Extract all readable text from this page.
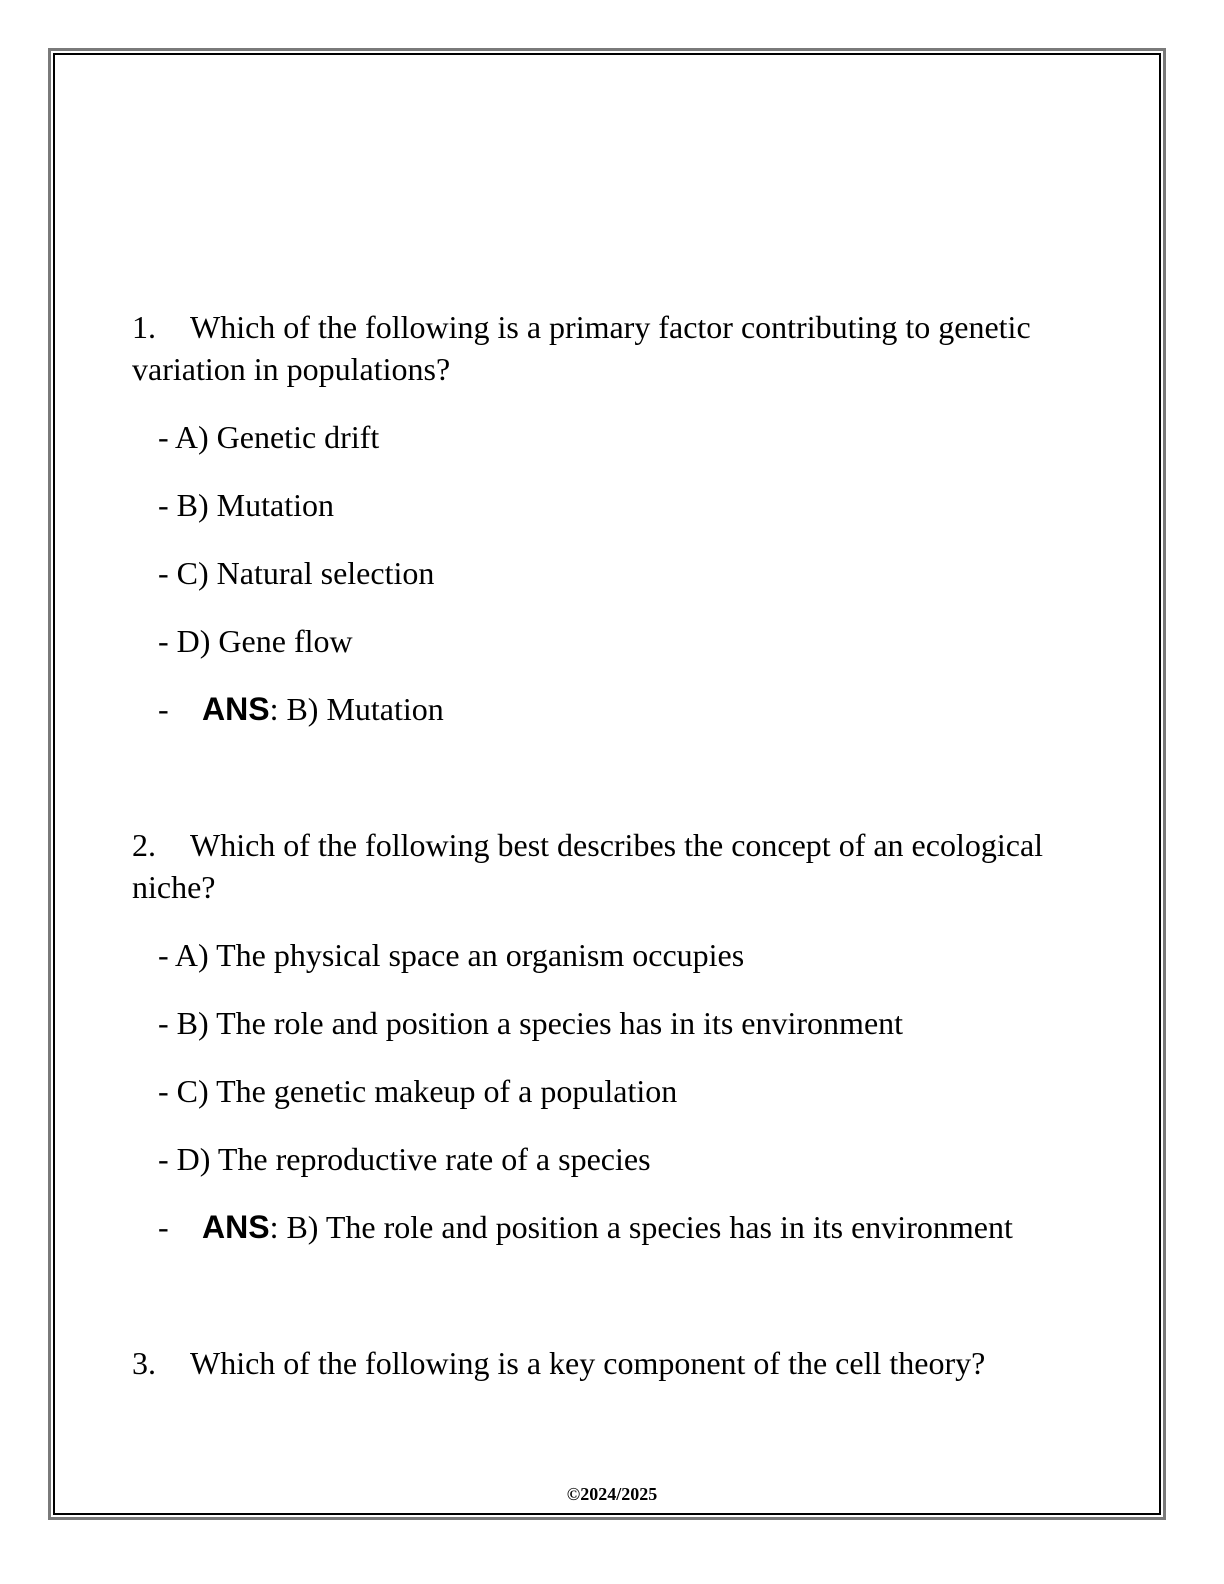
1. Which of the following is a primary factor contributing to genetic variation in populations?
- A) Genetic drift
- B) Mutation
- C) Natural selection
- D) Gene flow
- ANS: B) Mutation
2. Which of the following best describes the concept of an ecological niche?
- A) The physical space an organism occupies
- B) The role and position a species has in its environment
- C) The genetic makeup of a population
- D) The reproductive rate of a species
- ANS: B) The role and position a species has in its environment
3. Which of the following is a key component of the cell theory?
©2024/2025
